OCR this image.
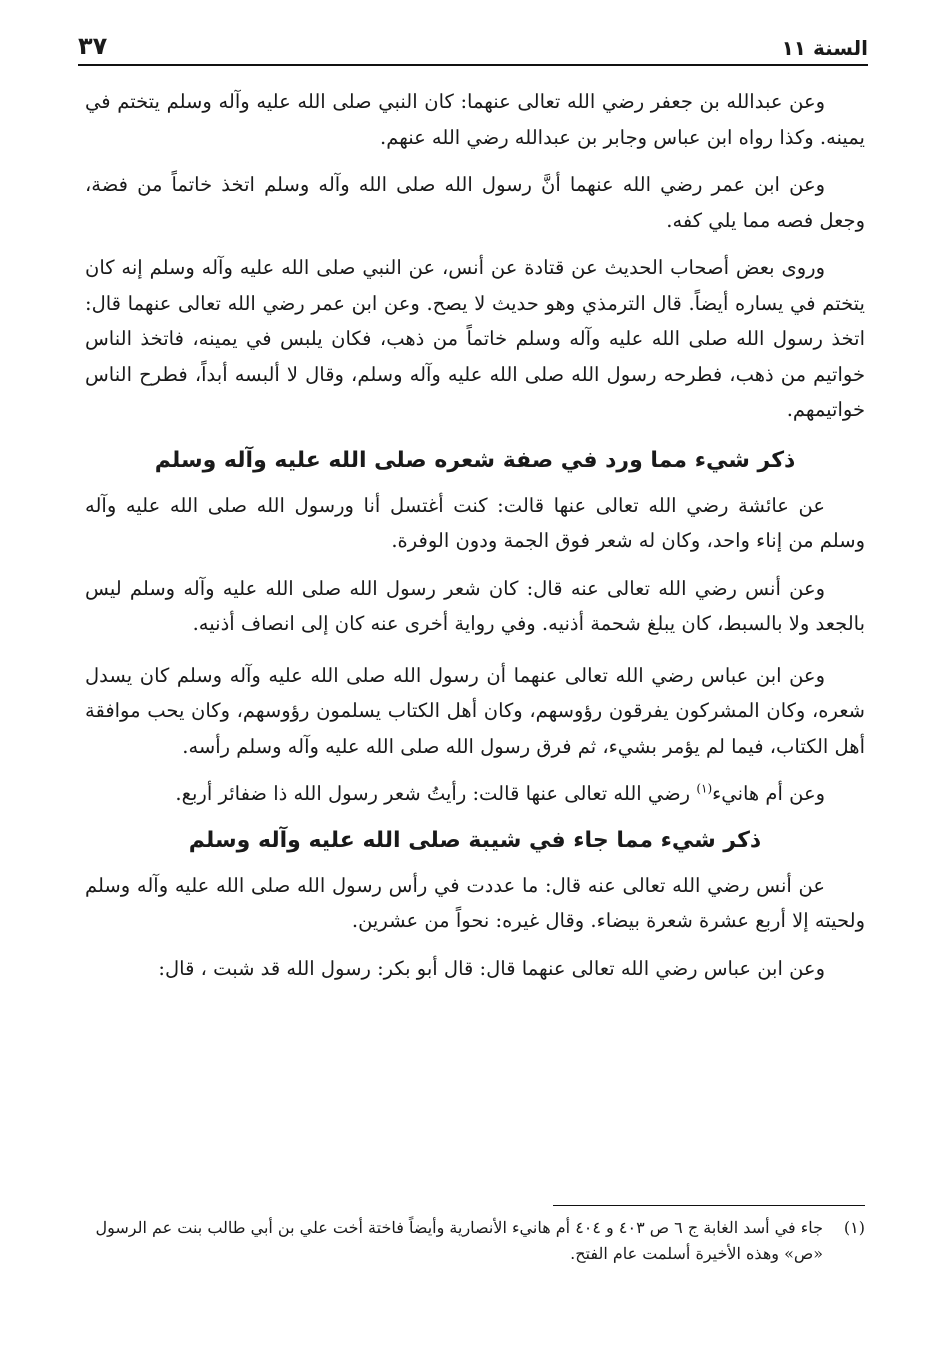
السنة ١١
٣٧

وعن عبدالله بن جعفر رضي الله تعالى عنهما: كان النبي صلى الله عليه وآله وسلم يتختم في يمينه. وكذا رواه ابن عباس وجابر بن عبدالله رضي الله عنهم.

وعن ابن عمر رضي الله عنهما أنَّ رسول الله صلى الله وآله وسلم اتخذ خاتماً من فضة، وجعل فصه مما يلي كفه.

وروى بعض أصحاب الحديث عن قتادة عن أنس، عن النبي صلى الله عليه وآله وسلم إنه كان يتختم في يساره أيضاً. قال الترمذي وهو حديث لا يصح. وعن ابن عمر رضي الله تعالى عنهما قال: اتخذ رسول الله صلى الله عليه وآله وسلم خاتماً من ذهب، فكان يلبس في يمينه، فاتخذ الناس خواتيم من ذهب، فطرحه رسول الله صلى الله عليه وآله وسلم، وقال لا ألبسه أبداً، فطرح الناس خواتيمهم.

ذكر شيء مما ورد في صفة شعره صلى الله عليه وآله وسلم

عن عائشة رضي الله تعالى عنها قالت: كنت أغتسل أنا ورسول الله صلى الله عليه وآله وسلم من إناء واحد، وكان له شعر فوق الجمة ودون الوفرة.

وعن أنس رضي الله تعالى عنه قال: كان شعر رسول الله صلى الله عليه وآله وسلم ليس بالجعد ولا بالسبط، كان يبلغ شحمة أذنيه. وفي رواية أخرى عنه كان إلى انصاف أذنيه.

وعن ابن عباس رضي الله تعالى عنهما أن رسول الله صلى الله عليه وآله وسلم كان يسدل شعره، وكان المشركون يفرقون رؤوسهم، وكان أهل الكتاب يسلمون رؤوسهم، وكان يحب موافقة أهل الكتاب، فيما لم يؤمر بشيء، ثم فرق رسول الله صلى الله عليه وآله وسلم رأسه.

وعن أم هانيء$^{(١)}$ رضي الله تعالى عنها قالت: رأيتُ شعر رسول الله ذا ضفائر أربع.

ذكر شيء مما جاء في شيبة صلى الله عليه وآله وسلم

عن أنس رضي الله تعالى عنه قال: ما عددت في رأس رسول الله صلى الله عليه وآله وسلم ولحيته إلا أربع عشرة شعرة بيضاء. وقال غيره: نحواً من عشرين.

وعن ابن عباس رضي الله تعالى عنهما قال: قال أبو بكر: رسول الله قد شبت ، قال:

(١)
جاء في أسد الغابة ج ٦ ص ٤٠٣ و ٤٠٤ أم هانيء الأنصارية وأيضاً فاختة أخت علي بن أبي طالب بنت عم الرسول «ص» وهذه الأخيرة أسلمت عام الفتح.
